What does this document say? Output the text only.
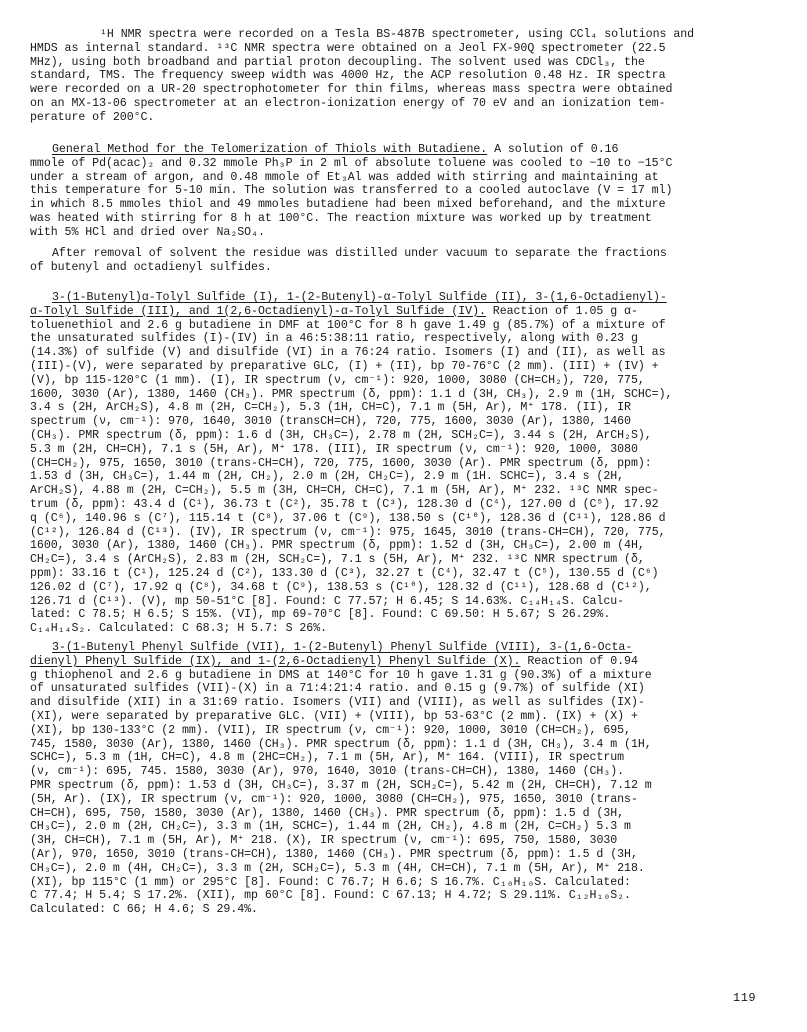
¹H NMR spectra were recorded on a Tesla BS-487B spectrometer, using CCl₄ solutions and
HMDS as internal standard. ¹³C NMR spectra were obtained on a Jeol FX-90Q spectrometer (22.5
MHz), using both broadband and partial proton decoupling. The solvent used was CDCl₃, the
standard, TMS. The frequency sweep width was 4000 Hz, the ACP resolution 0.48 Hz. IR spectra
were recorded on a UR-20 spectrophotometer for thin films, whereas mass spectra were obtained
on an MX-13-06 spectrometer at an electron-ionization energy of 70 eV and an ionization tem-
perature of 200°C.

General Method for the Telomerization of Thiols with Butadiene. A solution of 0.16
mmole of Pd(acac)₂ and 0.32 mmole Ph₃P in 2 ml of absolute toluene was cooled to −10 to −15°C
under a stream of argon, and 0.48 mmole of Et₃Al was added with stirring and maintaining at
this temperature for 5-10 min. The solution was transferred to a cooled autoclave (V = 17 ml)
in which 8.5 mmoles thiol and 49 mmoles butadiene had been mixed beforehand, and the mixture
was heated with stirring for 8 h at 100°C. The reaction mixture was worked up by treatment
with 5% HCl and dried over Na₂SO₄.

After removal of solvent the residue was distilled under vacuum to separate the fractions
of butenyl and octadienyl sulfides.

3-(1-Butenyl)α-Tolyl Sulfide (I), 1-(2-Butenyl)-α-Tolyl Sulfide (II), 3-(1,6-Octadienyl)-
α-Tolyl Sulfide (III), and 1(2,6-Octadienyl)-α-Tolyl Sulfide (IV). Reaction of 1.05 g α-
toluenethiol and 2.6 g butadiene in DMF at 100°C for 8 h gave 1.49 g (85.7%) of a mixture of
the unsaturated sulfides (I)-(IV) in a 46:5:38:11 ratio, respectively, along with 0.23 g
(14.3%) of sulfide (V) and disulfide (VI) in a 76:24 ratio. Isomers (I) and (II), as well as
(III)-(V), were separated by preparative GLC, (I) + (II), bp 70-76°C (2 mm). (III) + (IV) +
(V), bp 115-120°C (1 mm). (I), IR spectrum (ν, cm⁻¹): 920, 1000, 3080 (CH=CH₂), 720, 775,
1600, 3030 (Ar), 1380, 1460 (CH₃). PMR spectrum (δ, ppm): 1.1 d (3H, CH₃), 2.9 m (1H, SCHC=),
3.4 s (2H, ArCH₂S), 4.8 m (2H, C=CH₂), 5.3 (1H, CH=C), 7.1 m (5H, Ar), M⁺ 178. (II), IR
spectrum (ν, cm⁻¹): 970, 1640, 3010 (transCH=CH), 720, 775, 1600, 3030 (Ar), 1380, 1460
(CH₃). PMR spectrum (δ, ppm): 1.6 d (3H, CH₃C=), 2.78 m (2H, SCH₂C=), 3.44 s (2H, ArCH₂S),
5.3 m (2H, CH=CH), 7.1 s (5H, Ar), M⁺ 178. (III), IR spectrum (ν, cm⁻¹): 920, 1000, 3080
(CH=CH₂), 975, 1650, 3010 (trans-CH=CH), 720, 775, 1600, 3030 (Ar). PMR spectrum (δ, ppm):
1.53 d (3H, CH₃C=), 1.44 m (2H, CH₂), 2.0 m (2H, CH₂C=), 2.9 m (1H. SCHC=), 3.4 s (2H,
ArCH₂S), 4.88 m (2H, C=CH₂), 5.5 m (3H, CH=CH, CH=C), 7.1 m (5H, Ar), M⁺ 232. ¹³C NMR spec-
trum (δ, ppm): 43.4 d (C¹), 36.73 t (C²), 35.78 t (C³), 128.30 d (C⁴), 127.00 d (C⁵), 17.92
q (C⁶), 140.96 s (C⁷), 115.14 t (C⁸), 37.06 t (C⁹), 138.50 s (C¹⁰), 128.36 d (C¹¹), 128.86 d
(C¹²), 126.84 d (C¹³). (IV), IR spectrum (ν, cm⁻¹): 975, 1645, 3010 (trans-CH=CH), 720, 775,
1600, 3030 (Ar), 1380, 1460 (CH₃). PMR spectrum (δ, ppm): 1.52 d (3H, CH₃C=), 2.00 m (4H,
CH₂C=), 3.4 s (ArCH₂S), 2.83 m (2H, SCH₂C=), 7.1 s (5H, Ar), M⁺ 232. ¹³C NMR spectrum (δ,
ppm): 33.16 t (C¹), 125.24 d (C²), 133.30 d (C³), 32.27 t (C⁴), 32.47 t (C⁵), 130.55 d (C⁶)
126.02 d (C⁷), 17.92 q (C⁸), 34.68 t (C⁹), 138.53 s (C¹⁰), 128.32 d (C¹¹), 128.68 d (C¹²),
126.71 d (C¹³). (V), mp 50-51°C [8]. Found: C 77.57; H 6.45; S 14.63%. C₁₄H₁₄S. Calcu-
lated: C 78.5; H 6.5; S 15%. (VI), mp 69-70°C [8]. Found: C 69.50: H 5.67; S 26.29%.
C₁₄H₁₄S₂. Calculated: C 68.3; H 5.7: S 26%.

3-(1-Butenyl Phenyl Sulfide (VII), 1-(2-Butenyl) Phenyl Sulfide (VIII), 3-(1,6-Octa-
dienyl) Phenyl Sulfide (IX), and 1-(2,6-Octadienyl) Phenyl Sulfide (X). Reaction of 0.94
g thiophenol and 2.6 g butadiene in DMS at 140°C for 10 h gave 1.31 g (90.3%) of a mixture
of unsaturated sulfides (VII)-(X) in a 71:4:21:4 ratio. and 0.15 g (9.7%) of sulfide (XI)
and disulfide (XII) in a 31:69 ratio. Isomers (VII) and (VIII), as well as sulfides (IX)-
(XI), were separated by preparative GLC. (VII) + (VIII), bp 53-63°C (2 mm). (IX) + (X) +
(XI), bp 130-133°C (2 mm). (VII), IR spectrum (ν, cm⁻¹): 920, 1000, 3010 (CH=CH₂), 695,
745, 1580, 3030 (Ar), 1380, 1460 (CH₃). PMR spectrum (δ, ppm): 1.1 d (3H, CH₃), 3.4 m (1H,
SCHC=), 5.3 m (1H, CH=C), 4.8 m (2HC=CH₂), 7.1 m (5H, Ar), M⁺ 164. (VIII), IR spectrum
(ν, cm⁻¹): 695, 745. 1580, 3030 (Ar), 970, 1640, 3010 (trans-CH=CH), 1380, 1460 (CH₃).
PMR spectrum (δ, ppm): 1.53 d (3H, CH₃C=), 3.37 m (2H, SCH₂C=), 5.42 m (2H, CH=CH), 7.12 m
(5H, Ar). (IX), IR spectrum (ν, cm⁻¹): 920, 1000, 3080 (CH=CH₂), 975, 1650, 3010 (trans-
CH=CH), 695, 750, 1580, 3030 (Ar), 1380, 1460 (CH₃). PMR spectrum (δ, ppm): 1.5 d (3H,
CH₃C=), 2.0 m (2H, CH₂C=), 3.3 m (1H, SCHC=), 1.44 m (2H, CH₂), 4.8 m (2H, C=CH₂) 5.3 m
(3H, CH=CH), 7.1 m (5H, Ar), M⁺ 218. (X), IR spectrum (ν, cm⁻¹): 695, 750, 1580, 3030
(Ar), 970, 1650, 3010 (trans-CH=CH), 1380, 1460 (CH₃). PMR spectrum (δ, ppm): 1.5 d (3H,
CH₃C=), 2.0 m (4H, CH₂C=), 3.3 m (2H, SCH₂C=), 5.3 m (4H, CH=CH), 7.1 m (5H, Ar), M⁺ 218.
(XI), bp 115°C (1 mm) or 295°C [8]. Found: C 76.7; H 6.6; S 16.7%. C₁₀H₁₀S. Calculated:
C 77.4; H 5.4; S 17.2%. (XII), mp 60°C [8]. Found: C 67.13; H 4.72; S 29.11%. C₁₂H₁₀S₂.
Calculated: C 66; H 4.6; S 29.4%.

119
